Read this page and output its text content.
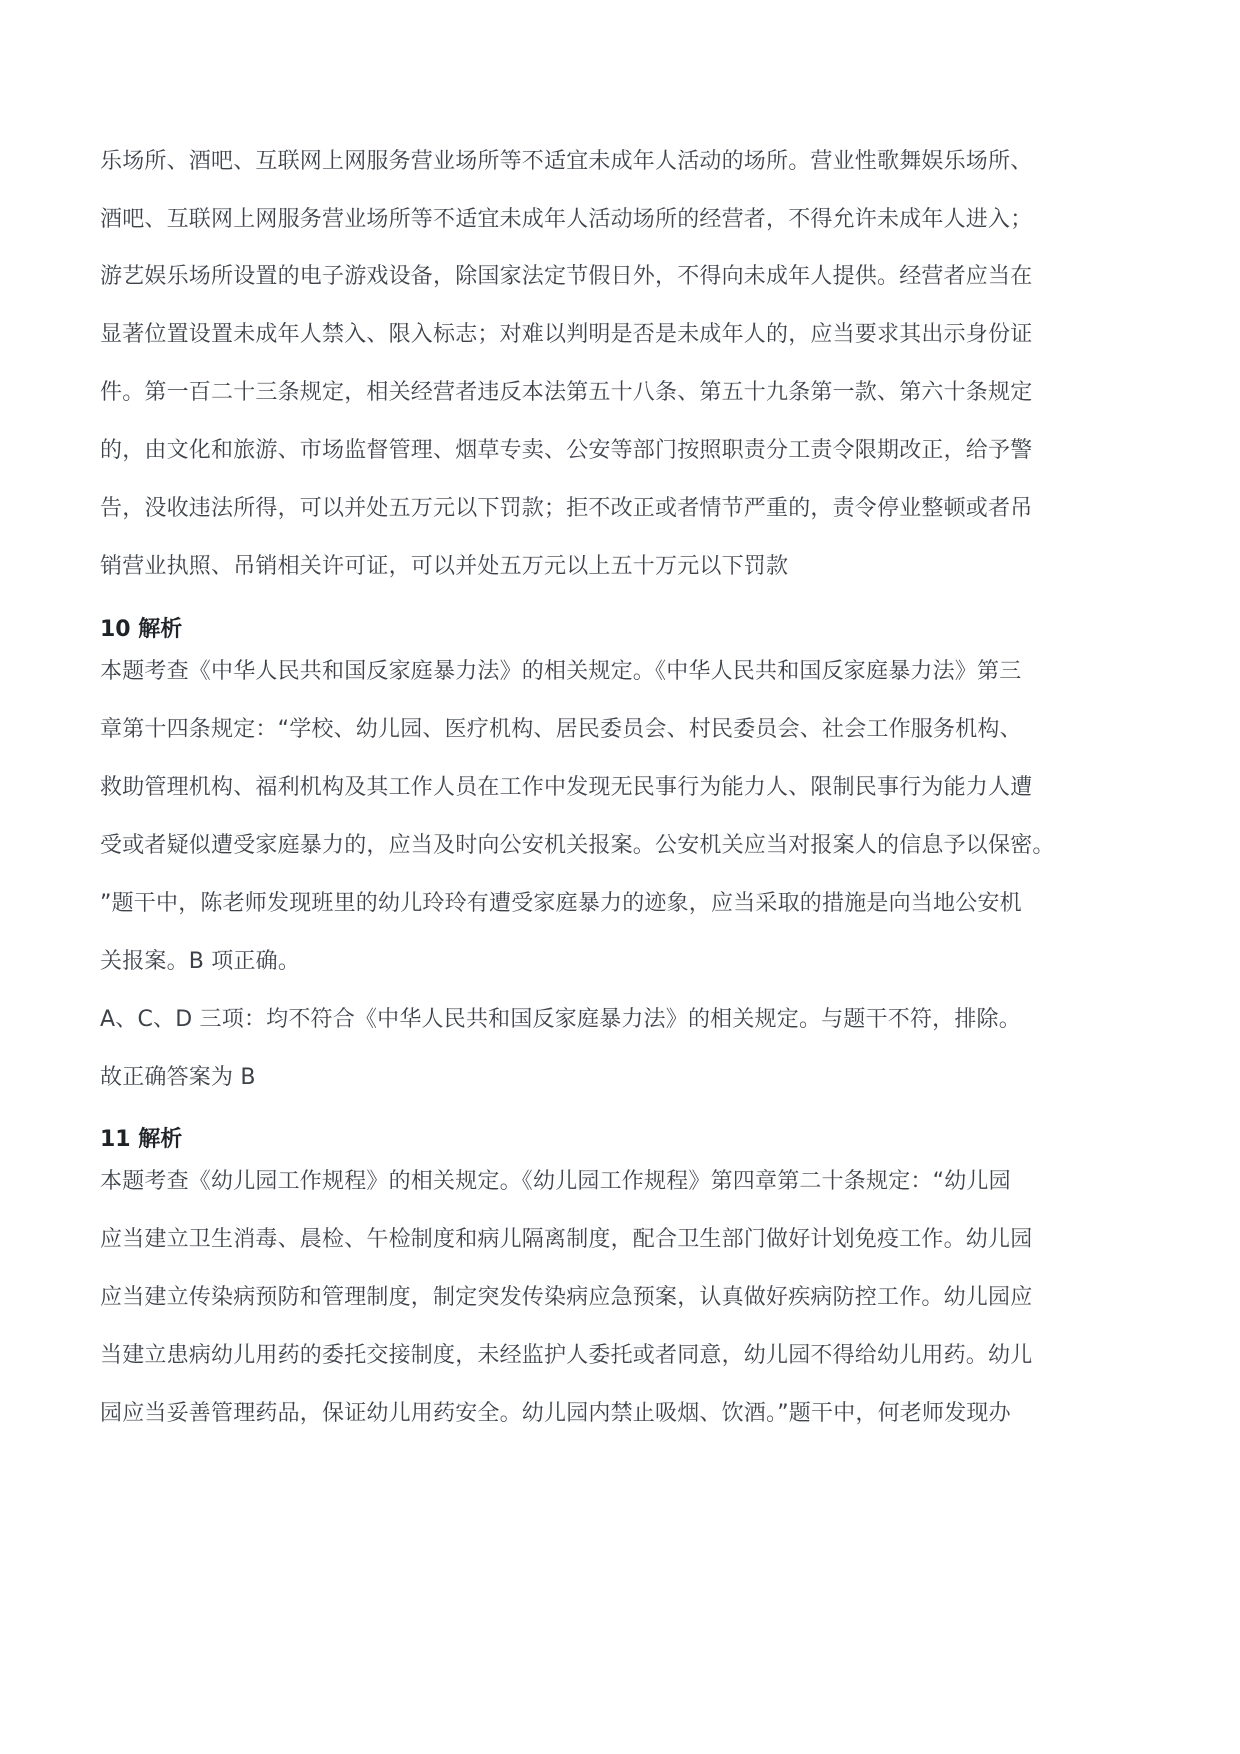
乐场所、酒吧、互联网上网服务营业场所等不适宜未成年人活动的场所。营业性歌舞娱乐场所、
酒吧、互联网上网服务营业场所等不适宜未成年人活动场所的经营者，不得允许未成年人进入；
游艺娱乐场所设置的电子游戏设备，除国家法定节假日外，不得向未成年人提供。经营者应当在
显著位置设置未成年人禁入、限入标志；对难以判明是否是未成年人的，应当要求其出示身份证
件。第一百二十三条规定，相关经营者违反本法第五十八条、第五十九条第一款、第六十条规定
的，由文化和旅游、市场监督管理、烟草专卖、公安等部门按照职责分工责令限期改正，给予警
告，没收违法所得，可以并处五万元以下罚款；拒不改正或者情节严重的，责令停业整顿或者吊
销营业执照、吊销相关许可证，可以并处五万元以上五十万元以下罚款
10 解析
本题考查《中华人民共和国反家庭暴力法》的相关规定。《中华人民共和国反家庭暴力法》第三
章第十四条规定：“学校、幼儿园、医疗机构、居民委员会、村民委员会、社会工作服务机构、
救助管理机构、福利机构及其工作人员在工作中发现无民事行为能力人、限制民事行为能力人遭
受或者疑似遭受家庭暴力的，应当及时向公安机关报案。公安机关应当对报案人的信息予以保密。
”题干中，陈老师发现班里的幼儿玲玲有遭受家庭暴力的迹象，应当采取的措施是向当地公安机
关报案。B 项正确。
A、C、D 三项：均不符合《中华人民共和国反家庭暴力法》的相关规定。与题干不符，排除。
故正确答案为 B
11 解析
本题考查《幼儿园工作规程》的相关规定。《幼儿园工作规程》第四章第二十条规定：“幼儿园
应当建立卫生消毒、晨检、午检制度和病儿隔离制度，配合卫生部门做好计划免疫工作。幼儿园
应当建立传染病预防和管理制度，制定突发传染病应急预案，认真做好疾病防控工作。幼儿园应
当建立患病幼儿用药的委托交接制度，未经监护人委托或者同意，幼儿园不得给幼儿用药。幼儿
园应当妥善管理药品，保证幼儿用药安全。幼儿园内禁止吸烟、饮酒。”题干中，何老师发现办
